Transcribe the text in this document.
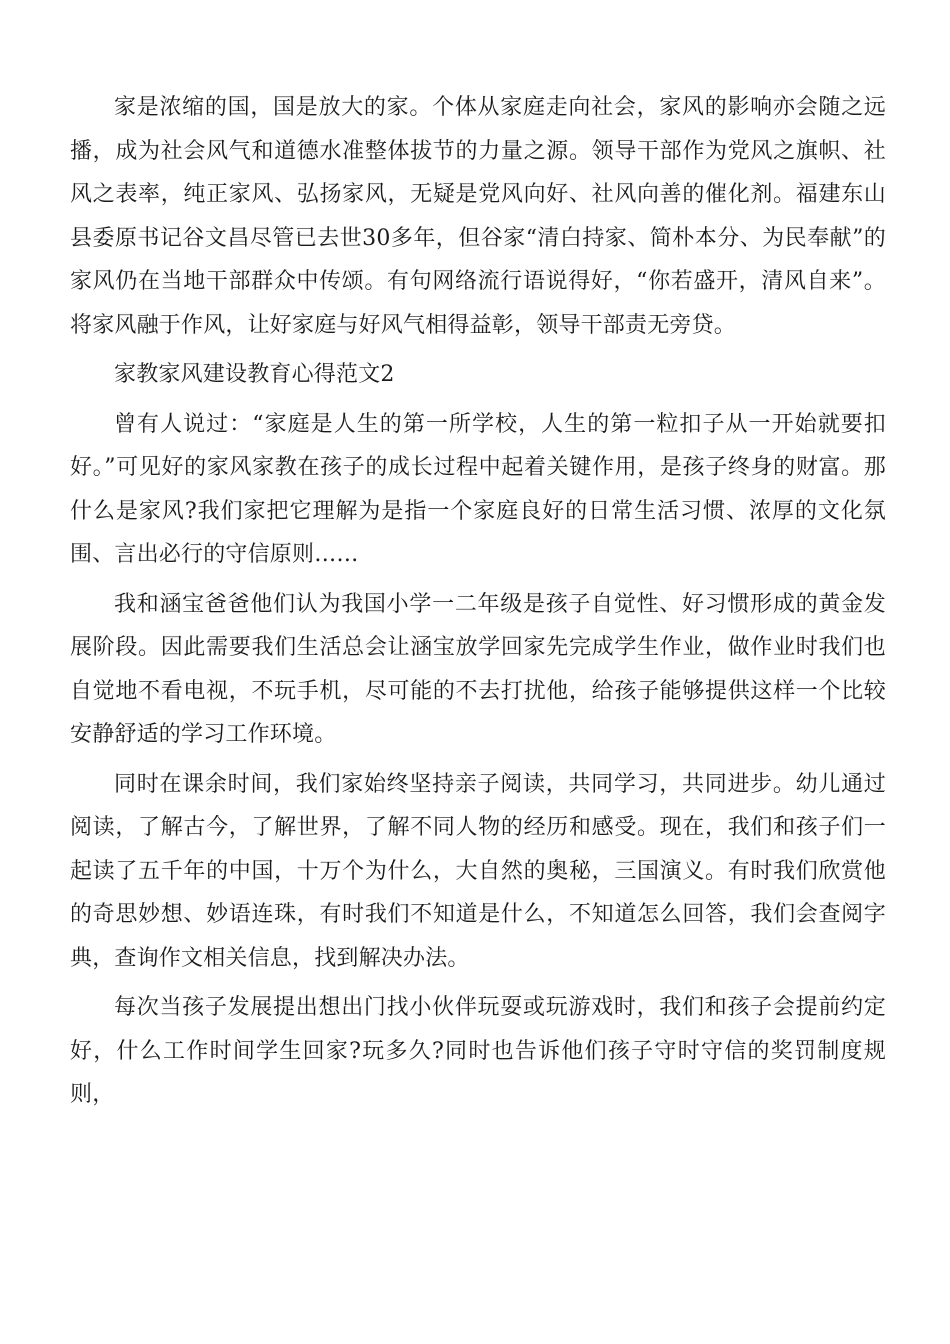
家是浓缩的国，国是放大的家。个体从家庭走向社会，家风的影响亦会随之远播，成为社会风气和道德水准整体拔节的力量之源。领导干部作为党风之旗帜、社风之表率，纯正家风、弘扬家风，无疑是党风向好、社风向善的催化剂。福建东山县委原书记谷文昌尽管已去世30多年，但谷家“清白持家、简朴本分、为民奉献”的家风仍在当地干部群众中传颂。有句网络流行语说得好，“你若盛开，清风自来”。将家风融于作风，让好家庭与好风气相得益彰，领导干部责无旁贷。

家教家风建设教育心得范文2

曾有人说过：“家庭是人生的第一所学校，人生的第一粒扣子从一开始就要扣好。”可见好的家风家教在孩子的成长过程中起着关键作用，是孩子终身的财富。那什么是家风?我们家把它理解为是指一个家庭良好的日常生活习惯、浓厚的文化氛围、言出必行的守信原则……

我和涵宝爸爸他们认为我国小学一二年级是孩子自觉性、好习惯形成的黄金发展阶段。因此需要我们生活总会让涵宝放学回家先完成学生作业，做作业时我们也自觉地不看电视，不玩手机，尽可能的不去打扰他，给孩子能够提供这样一个比较安静舒适的学习工作环境。

同时在课余时间，我们家始终坚持亲子阅读，共同学习，共同进步。幼儿通过阅读，了解古今，了解世界，了解不同人物的经历和感受。现在，我们和孩子们一起读了五千年的中国，十万个为什么，大自然的奥秘，三国演义。有时我们欣赏他的奇思妙想、妙语连珠，有时我们不知道是什么，不知道怎么回答，我们会查阅字典，查询作文相关信息，找到解决办法。

每次当孩子发展提出想出门找小伙伴玩耍或玩游戏时，我们和孩子会提前约定好，什么工作时间学生回家?玩多久?同时也告诉他们孩子守时守信的奖罚制度规则，
